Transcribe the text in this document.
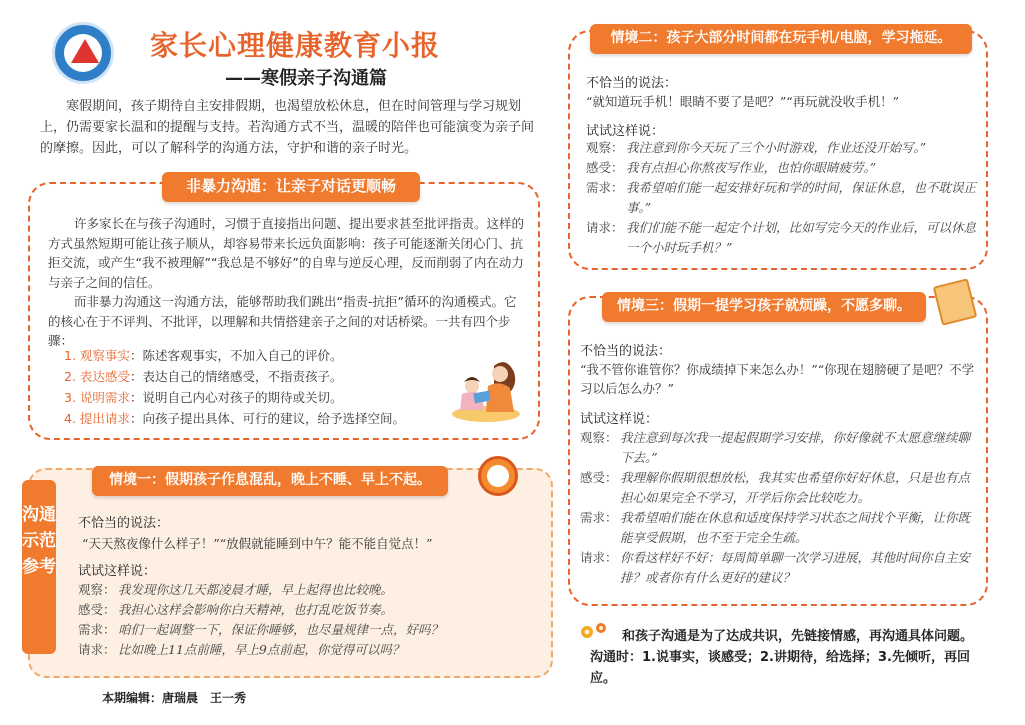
家长心理健康教育小报
——寒假亲子沟通篇
寒假期间，孩子期待自主安排假期，也渴望放松休息，但在时间管理与学习规划上，仍需要家长温和的提醒与支持。若沟通方式不当，温暖的陪伴也可能演变为亲子间的摩擦。因此，可以了解科学的沟通方法，守护和谐的亲子时光。
非暴力沟通：让亲子对话更顺畅
许多家长在与孩子沟通时，习惯于直接指出问题、提出要求甚至批评指责。这样的方式虽然短期可能让孩子顺从，却容易带来长远负面影响：孩子可能逐渐关闭心门、抗拒交流，或产生“我不被理解”“我总是不够好”的自卑与逆反心理，反而削弱了内在动力与亲子之间的信任。
而非暴力沟通这一沟通方法，能够帮助我们跳出“指责-抗拒”循环的沟通模式。它的核心在于不评判、不批评，以理解和共情搭建亲子之间的对话桥梁。一共有四个步骤：
1. 观察事实：陈述客观事实，不加入自己的评价。
2. 表达感受：表达自己的情绪感受，不指责孩子。
3. 说明需求：说明自己内心对孩子的期待或关切。
4. 提出请求：向孩子提出具体、可行的建议，给予选择空间。
沟通示范参考
情境一：假期孩子作息混乱，晚上不睡、早上不起。
不恰当的说法：
“天天熬夜像什么样子！”“放假就能睡到中午？能不能自觉点！”
试试这样说：
观察： 我发现你这几天都凌晨才睡，早上起得也比较晚。
感受： 我担心这样会影响你白天精神，也打乱吃饭节奏。
需求： 咱们一起调整一下，保证你睡够，也尽量规律一点，好吗？
请求： 比如晚上11点前睡，早上9点前起，你觉得可以吗？
本期编辑：唐瑞晨　王一秀
情境二：孩子大部分时间都在玩手机/电脑，学习拖延。
不恰当的说法：
“就知道玩手机！眼睛不要了是吧？”“再玩就没收手机！”
试试这样说：
观察： 我注意到你今天玩了三个小时游戏，作业还没开始写。”
感受： 我有点担心你熬夜写作业，也怕你眼睛疲劳。”
需求： 我希望咱们能一起安排好玩和学的时间，保证休息，也不耽误正事。”
请求： 我们们能不能一起定个计划，比如写完今天的作业后，可以休息一个小时玩手机？”
情境三：假期一提学习孩子就烦躁，不愿多聊。
不恰当的说法：
“我不管你谁管你？你成绩掉下来怎么办！”“你现在翅膀硬了是吧？不学习以后怎么办？”
试试这样说：
观察： 我注意到每次我一提起假期学习安排，你好像就不太愿意继续聊下去。”
感受： 我理解你假期很想放松，我其实也希望你好好休息，只是也有点担心如果完全不学习，开学后你会比较吃力。
需求： 我希望咱们能在休息和适度保持学习状态之间找个平衡，让你既能享受假期，也不至于完全生疏。
请求： 你看这样好不好：每周简单聊一次学习进展，其他时间你自主安排？或者你有什么更好的建议？
和孩子沟通是为了达成共识，先链接情感，再沟通具体问题。沟通时：1.说事实，谈感受；2.讲期待，给选择；3.先倾听，再回应。
